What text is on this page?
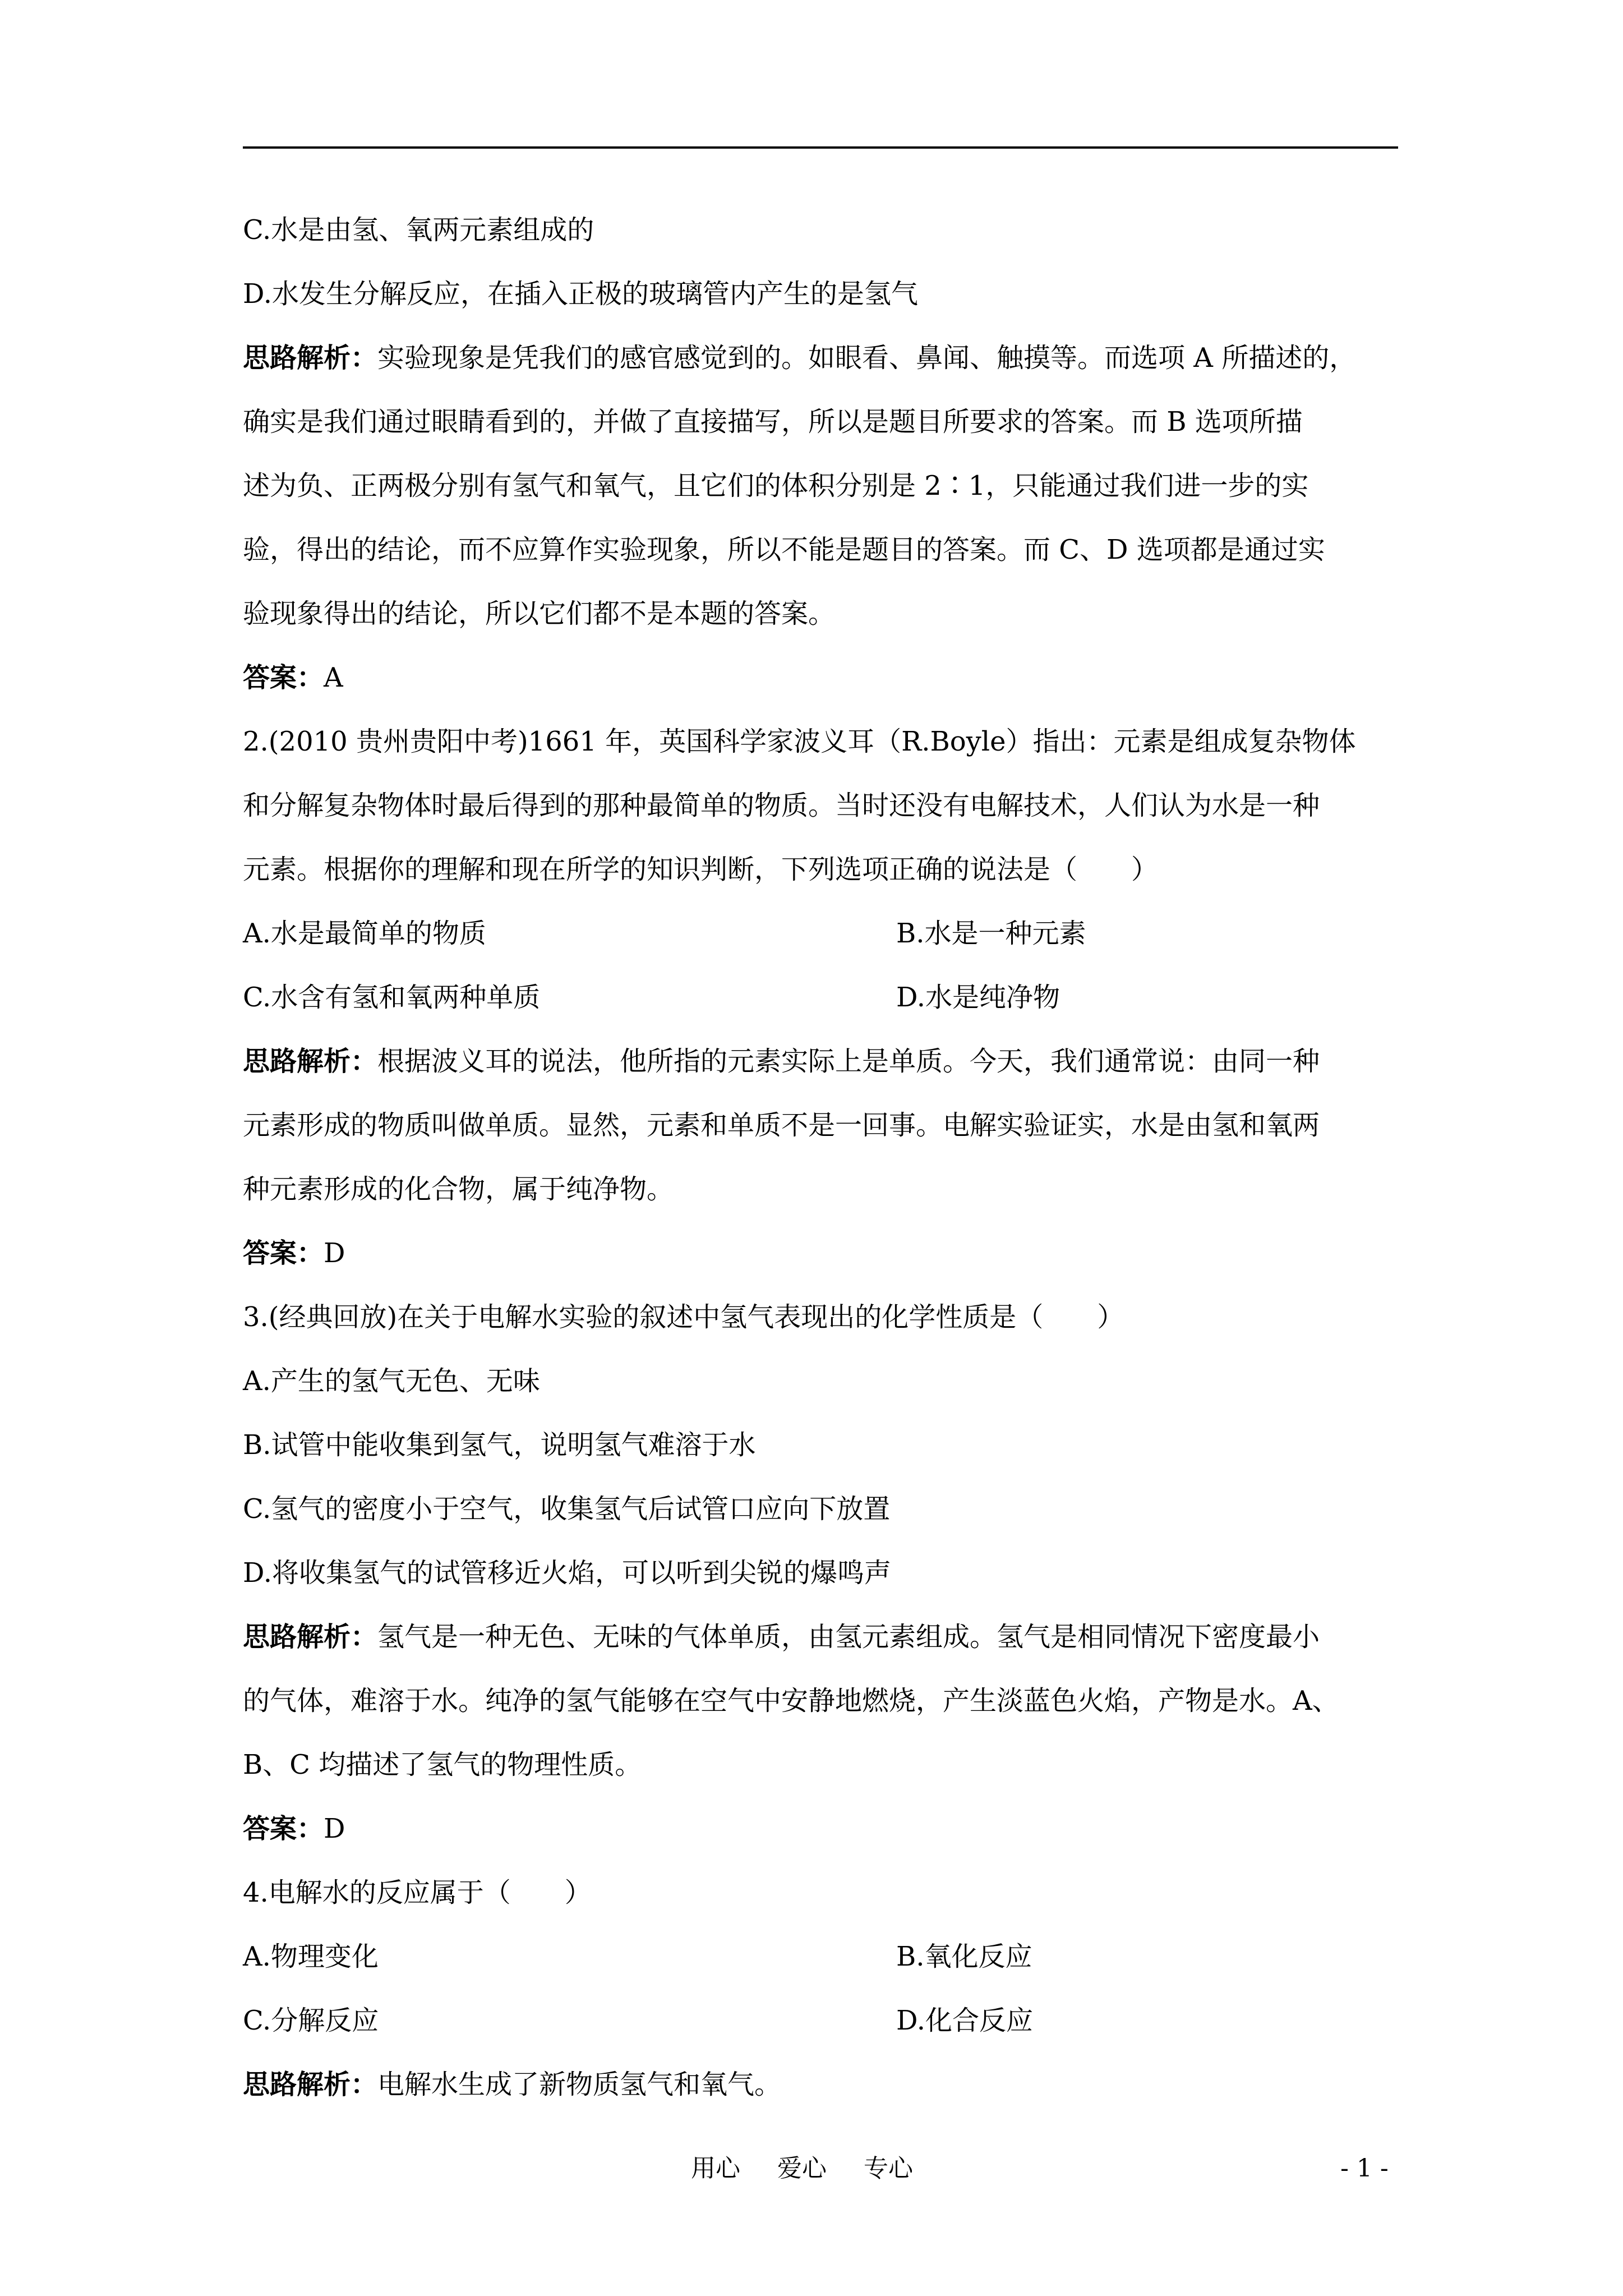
C.水是由氢、氧两元素组成的
D.水发生分解反应，在插入正极的玻璃管内产生的是氢气
思路解析：实验现象是凭我们的感官感觉到的。如眼看、鼻闻、触摸等。而选项 A 所描述的，
确实是我们通过眼睛看到的，并做了直接描写，所以是题目所要求的答案。而 B 选项所描
述为负、正两极分别有氢气和氧气，且它们的体积分别是 2∶1，只能通过我们进一步的实
验，得出的结论，而不应算作实验现象，所以不能是题目的答案。而 C、D 选项都是通过实
验现象得出的结论，所以它们都不是本题的答案。
答案：A
2.(2010 贵州贵阳中考)1661 年，英国科学家波义耳（R.Boyle）指出：元素是组成复杂物体
和分解复杂物体时最后得到的那种最简单的物质。当时还没有电解技术，人们认为水是一种
元素。根据你的理解和现在所学的知识判断，下列选项正确的说法是（　　）
A.水是最简单的物质	B.水是一种元素
C.水含有氢和氧两种单质	D.水是纯净物
思路解析：根据波义耳的说法，他所指的元素实际上是单质。今天，我们通常说：由同一种
元素形成的物质叫做单质。显然，元素和单质不是一回事。电解实验证实，水是由氢和氧两
种元素形成的化合物，属于纯净物。
答案：D
3.(经典回放)在关于电解水实验的叙述中氢气表现出的化学性质是（　　）
A.产生的氢气无色、无味
B.试管中能收集到氢气，说明氢气难溶于水
C.氢气的密度小于空气，收集氢气后试管口应向下放置
D.将收集氢气的试管移近火焰，可以听到尖锐的爆鸣声
思路解析：氢气是一种无色、无味的气体单质，由氢元素组成。氢气是相同情况下密度最小
的气体，难溶于水。纯净的氢气能够在空气中安静地燃烧，产生淡蓝色火焰，产物是水。A、
B、C 均描述了氢气的物理性质。
答案：D
4.电解水的反应属于（　　）
A.物理变化	B.氧化反应
C.分解反应	D.化合反应
思路解析：电解水生成了新物质氢气和氧气。
用心 爱心 专心	- 1 -
